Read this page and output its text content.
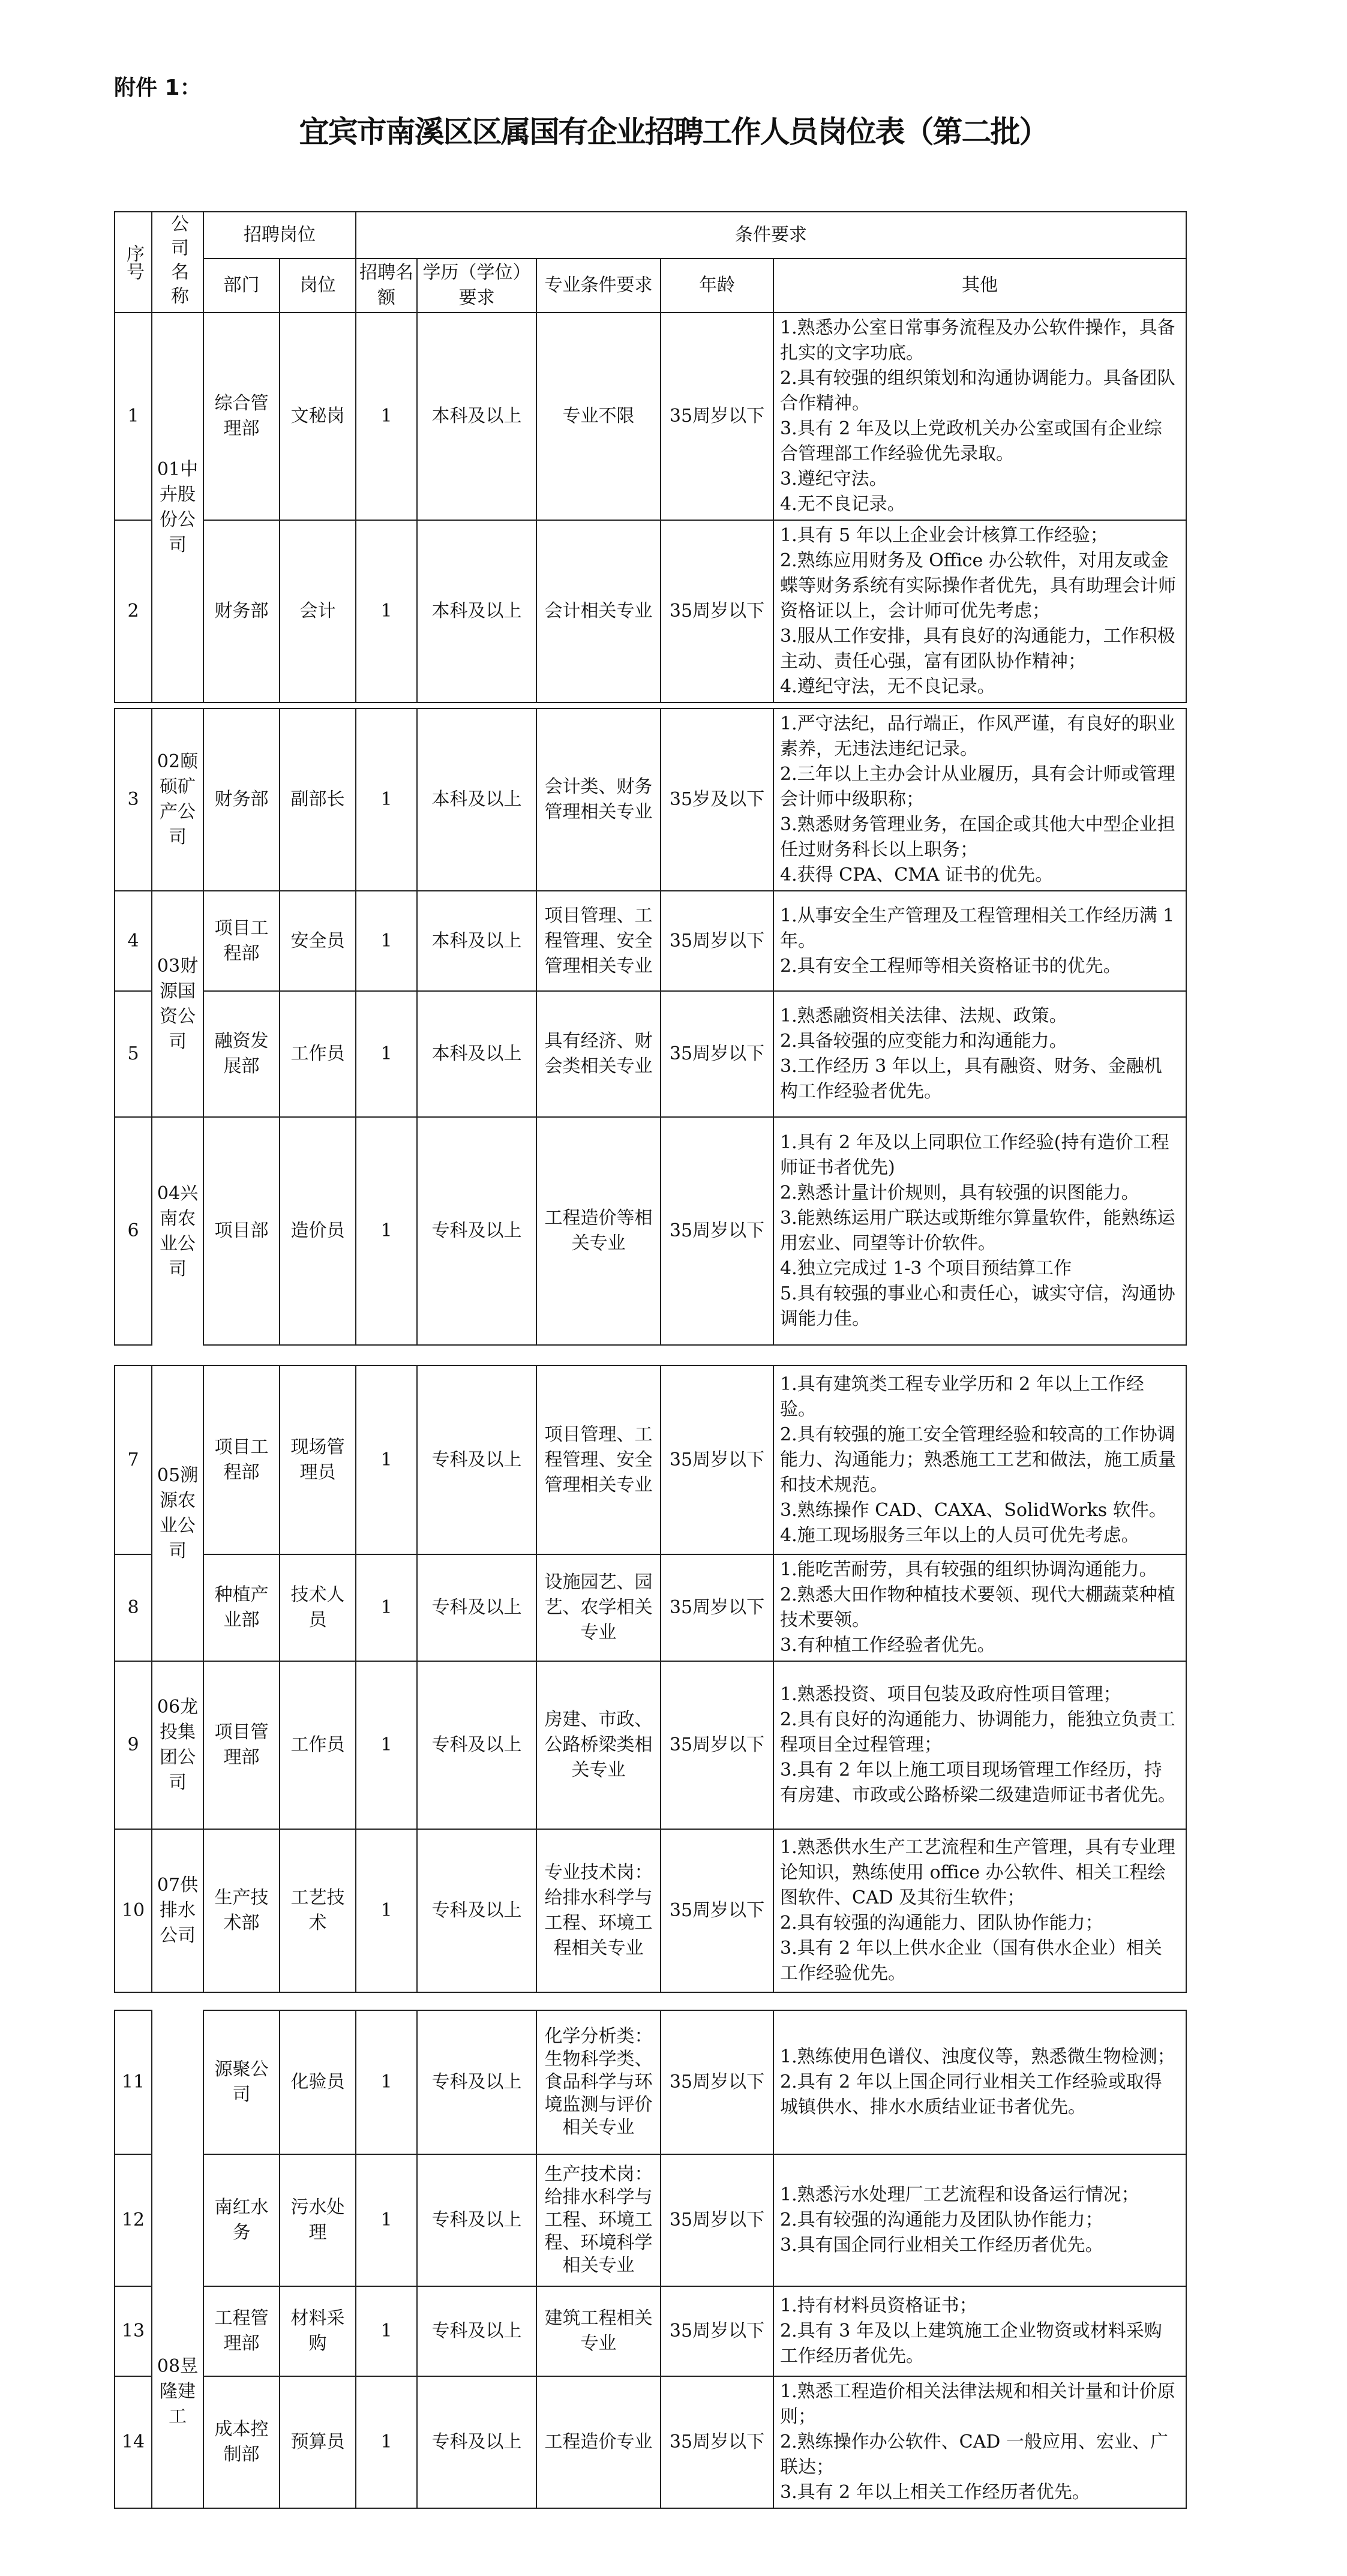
附件 1：
宜宾市南溪区区属国有企业招聘工作人员岗位表（第二批）
序号	公司名称	招聘岗位		条件要求				
		部门	岗位	招聘名额	学历（学位）要求	专业条件要求	年龄	其他
1	01中卉股份公司	综合管理部	文秘岗	1	本科及以上	专业不限	35周岁以下	1.熟悉办公室日常事务流程及办公软件操作，具备扎实的文字功底。
2.具有较强的组织策划和沟通协调能力。具备团队合作精神。
3.具有 2 年及以上党政机关办公室或国有企业综合管理部工作经验优先录取。
3.遵纪守法。
4.无不良记录。

2		财务部	会计	1	本科及以上	会计相关专业	35周岁以下	1.具有 5 年以上企业会计核算工作经验；
2.熟练应用财务及 Office 办公软件，对用友或金蝶等财务系统有实际操作者优先，具有助理会计师资格证以上，会计师可优先考虑；
3.服从工作安排，具有良好的沟通能力，工作积极主动、责任心强，富有团队协作精神；
4.遵纪守法，无不良记录。
3	02颐硕矿产公司	财务部	副部长	1	本科及以上	会计类、财务管理相关专业	35岁及以下	1.严守法纪，品行端正，作风严谨，有良好的职业素养，无违法违纪记录。
2.三年以上主办会计从业履历，具有会计师或管理会计师中级职称；
3.熟悉财务管理业务，在国企或其他大中型企业担任过财务科长以上职务；
4.获得 CPA、CMA 证书的优先。

4	03财源国资公司	项目工程部	安全员	1	本科及以上	项目管理、工程管理、安全管理相关专业	35周岁以下	1.从事安全生产管理及工程管理相关工作经历满 1 年。
2.具有安全工程师等相关资格证书的优先。

5		融资发展部	工作员	1	本科及以上	具有经济、财会类相关专业	35周岁以下	1.熟悉融资相关法律、法规、政策。
2.具备较强的应变能力和沟通能力。
3.工作经历 3 年以上，具有融资、财务、金融机构工作经验者优先。

6	04兴南农业公司	项目部	造价员	1	专科及以上	工程造价等相关专业	35周岁以下	1.具有 2 年及以上同职位工作经验(持有造价工程师证书者优先)
2.熟悉计量计价规则，具有较强的识图能力。
3.能熟练运用广联达或斯维尔算量软件，能熟练运用宏业、同望等计价软件。
4.独立完成过 1-3 个项目预结算工作
5.具有较强的事业心和责任心，诚实守信，沟通协调能力佳。
7	05溯源农业公司	项目工程部	现场管理员	1	专科及以上	项目管理、工程管理、安全管理相关专业	35周岁以下	1.具有建筑类工程专业学历和 2 年以上工作经验。
2.具有较强的施工安全管理经验和较高的工作协调能力、沟通能力；熟悉施工工艺和做法，施工质量和技术规范。
3.熟练操作 CAD、CAXA、SolidWorks 软件。
4.施工现场服务三年以上的人员可优先考虑。

8		种植产业部	技术人员	1	专科及以上	设施园艺、园艺、农学相关专业	35周岁以下	1.能吃苦耐劳，具有较强的组织协调沟通能力。
2.熟悉大田作物种植技术要领、现代大棚蔬菜种植技术要领。
3.有种植工作经验者优先。

9	06龙投集团公司	项目管理部	工作员	1	专科及以上	房建、市政、公路桥梁类相关专业	35周岁以下	1.熟悉投资、项目包装及政府性项目管理；
2.具有良好的沟通能力、协调能力，能独立负责工程项目全过程管理；
3.具有 2 年以上施工项目现场管理工作经历，持有房建、市政或公路桥梁二级建造师证书者优先。

10	07供排水公司	生产技术部	工艺技术	1	专科及以上	专业技术岗：给排水科学与工程、环境工程相关专业	35周岁以下	1.熟悉供水生产工艺流程和生产管理，具有专业理论知识，熟练使用 office 办公软件、相关工程绘图软件、CAD 及其衍生软件；
2.具有较强的沟通能力、团队协作能力；
3.具有 2 年以上供水企业（国有供水企业）相关工作经验优先。
11	08昱隆建工	源聚公司	化验员	1	专科及以上	化学分析类：生物科学类、食品科学与环境监测与评价相关专业	35周岁以下	1.熟练使用色谱仪、浊度仪等，熟悉微生物检测；
2.具有 2 年以上国企同行业相关工作经验或取得城镇供水、排水水质结业证书者优先。

12		南红水务	污水处理	1	专科及以上	生产技术岗：给排水科学与工程、环境工程、环境科学相关专业	35周岁以下	1.熟悉污水处理厂工艺流程和设备运行情况；
2.具有较强的沟通能力及团队协作能力；
3.具有国企同行业相关工作经历者优先。

13		工程管理部	材料采购	1	专科及以上	建筑工程相关专业	35周岁以下	1.持有材料员资格证书；
2.具有 3 年及以上建筑施工企业物资或材料采购工作经历者优先。

14		成本控制部	预算员	1	专科及以上	工程造价专业	35周岁以下	1.熟悉工程造价相关法律法规和相关计量和计价原则；
2.熟练操作办公软件、CAD 一般应用、宏业、广联达；
3.具有 2 年以上相关工作经历者优先。
